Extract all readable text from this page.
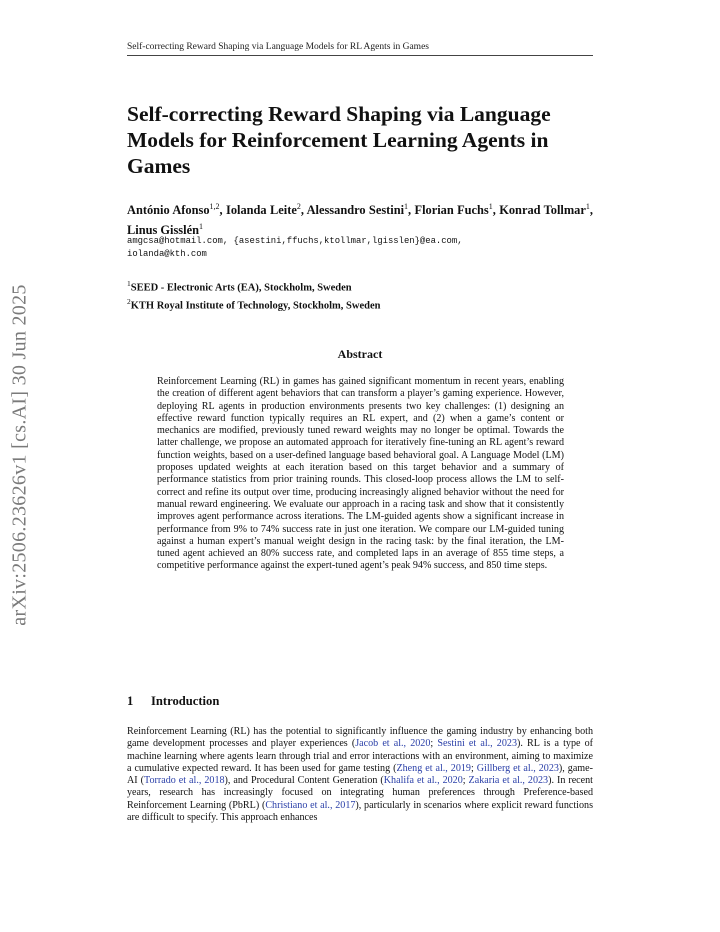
arXiv:2506.23626v1 [cs.AI] 30 Jun 2025
Self-correcting Reward Shaping via Language Models for RL Agents in Games
Self-correcting Reward Shaping via Language Models for Reinforcement Learning Agents in Games
António Afonso$^{1,2}$, Iolanda Leite$^2$, Alessandro Sestini$^1$, Florian Fuchs$^1$, Konrad Tollmar$^1$, Linus Gisslén$^1$
amgcsa@hotmail.com, {asestini,ffuchs,ktollmar,lgisslen}@ea.com,
iolanda@kth.com
$^1$SEED - Electronic Arts (EA), Stockholm, Sweden
$^2$KTH Royal Institute of Technology, Stockholm, Sweden
Abstract
Reinforcement Learning (RL) in games has gained significant momentum in recent years, enabling the creation of different agent behaviors that can transform a player’s gaming experience. However, deploying RL agents in production environments presents two key challenges: (1) designing an effective reward function typically requires an RL expert, and (2) when a game’s content or mechanics are modified, previously tuned reward weights may no longer be optimal. Towards the latter challenge, we propose an automated approach for iteratively fine-tuning an RL agent’s reward function weights, based on a user-defined language based behavioral goal. A Language Model (LM) proposes updated weights at each iteration based on this target behavior and a summary of performance statistics from prior training rounds. This closed-loop process allows the LM to self-correct and refine its output over time, producing increasingly aligned behavior without the need for manual reward engineering. We evaluate our approach in a racing task and show that it consistently improves agent performance across iterations. The LM-guided agents show a significant increase in performance from 9% to 74% success rate in just one iteration. We compare our LM-guided tuning against a human expert’s manual weight design in the racing task: by the final iteration, the LM-tuned agent achieved an 80% success rate, and completed laps in an average of 855 time steps, a competitive performance against the expert-tuned agent’s peak 94% success, and 850 time steps.
1 Introduction
Reinforcement Learning (RL) has the potential to significantly influence the gaming industry by enhancing both game development processes and player experiences (Jacob et al., 2020; Sestini et al., 2023). RL is a type of machine learning where agents learn through trial and error interactions with an environment, aiming to maximize a cumulative expected reward. It has been used for game testing (Zheng et al., 2019; Gillberg et al., 2023), game-AI (Torrado et al., 2018), and Procedural Content Generation (Khalifa et al., 2020; Zakaria et al., 2023). In recent years, research has increasingly focused on integrating human preferences through Preference-based Reinforcement Learning (PbRL) (Christiano et al., 2017), particularly in scenarios where explicit reward functions are difficult to specify. This approach enhances
